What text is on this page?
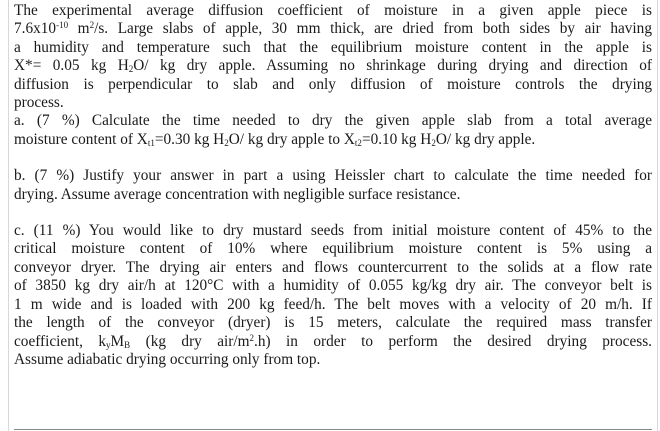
The experimental average diffusion coefficient of moisture in a given apple piece is
$7.6x10^{-10}$ $m^2/s$. Large slabs of apple, 30 mm thick, are dried from both sides by air having
a humidity and temperature such that the equilibrium moisture content in the apple is
X*= 0.05 kg $H_2O/$ kg dry apple. Assuming no shrinkage during drying and direction of
diffusion is perpendicular to slab and only diffusion of moisture controls the drying
process.
a. (7 %) Calculate the time needed to dry the given apple slab from a total average
moisture content of $X_{t1}=0.30$ kg $H_2O/$ kg dry apple to $X_{t2}=0.10$ kg $H_2O/$ kg dry apple.
b. (7 %) Justify your answer in part a using Heissler chart to calculate the time needed for
drying. Assume average concentration with negligible surface resistance.
c. (11 %) You would like to dry mustard seeds from initial moisture content of 45% to the
critical moisture content of 10% where equilibrium moisture content is 5% using a
conveyor dryer. The drying air enters and flows countercurrent to the solids at a flow rate
of 3850 kg dry air/h at 120°C with a humidity of 0.055 kg/kg dry air. The conveyor belt is
1 m wide and is loaded with 200 kg feed/h. The belt moves with a velocity of 20 m/h. If
the length of the conveyor (dryer) is 15 meters, calculate the required mass transfer
coefficient, $k_yM_B$ (kg dry air/$m^2.h$) in order to perform the desired drying process.
Assume adiabatic drying occurring only from top.
